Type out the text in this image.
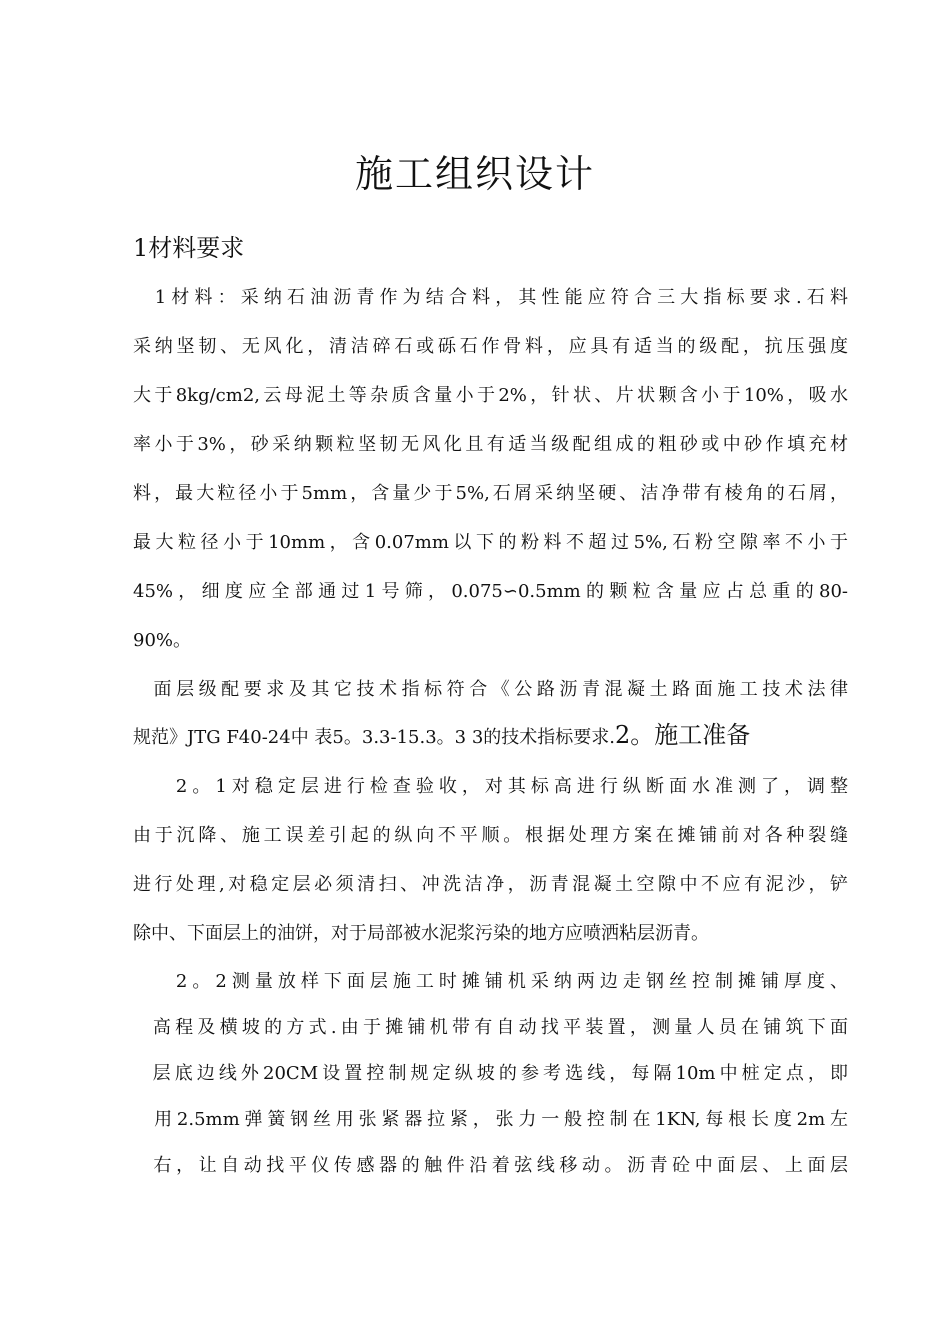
施工组织设计
1材料要求
1材料：采纳石油沥青作为结合料，其性能应符合三大指标要求.石料
采纳坚韧、无风化，清洁碎石或砾石作骨料，应具有适当的级配，抗压强度
大于8kg/cm2,云母泥土等杂质含量小于2%，针状、片状颗含小于10%，吸水
率小于3%，砂采纳颗粒坚韧无风化且有适当级配组成的粗砂或中砂作填充材
料，最大粒径小于5mm，含量少于5%,石屑采纳坚硬、洁净带有棱角的石屑，
最大粒径小于10mm，含0.07mm以下的粉料不超过5%,石粉空隙率不小于
45%，细度应全部通过1号筛，0.075∽0.5mm的颗粒含量应占总重的80-
90%。
面层级配要求及其它技术指标符合《公路沥青混凝土路面施工技术法律
规范》JTG F40-24中 表5。3.3-15.3。3 3的技术指标要求.2。施工准备
2。1对稳定层进行检查验收，对其标高进行纵断面水准测了，调整
由于沉降、施工误差引起的纵向不平顺。根据处理方案在摊铺前对各种裂缝
进行处理,对稳定层必须清扫、冲洗洁净，沥青混凝土空隙中不应有泥沙，铲
除中、下面层上的油饼，对于局部被水泥浆污染的地方应喷洒粘层沥青。
2。2测量放样下面层施工时摊铺机采纳两边走钢丝控制摊铺厚度、
高程及横坡的方式.由于摊铺机带有自动找平装置，测量人员在铺筑下面
层底边线外20CM设置控制规定纵坡的参考选线，每隔10m中桩定点，即
用2.5mm弹簧钢丝用张紧器拉紧，张力一般控制在1KN,每根长度2m左
右，让自动找平仪传感器的触件沿着弦线移动。沥青砼中面层、上面层
